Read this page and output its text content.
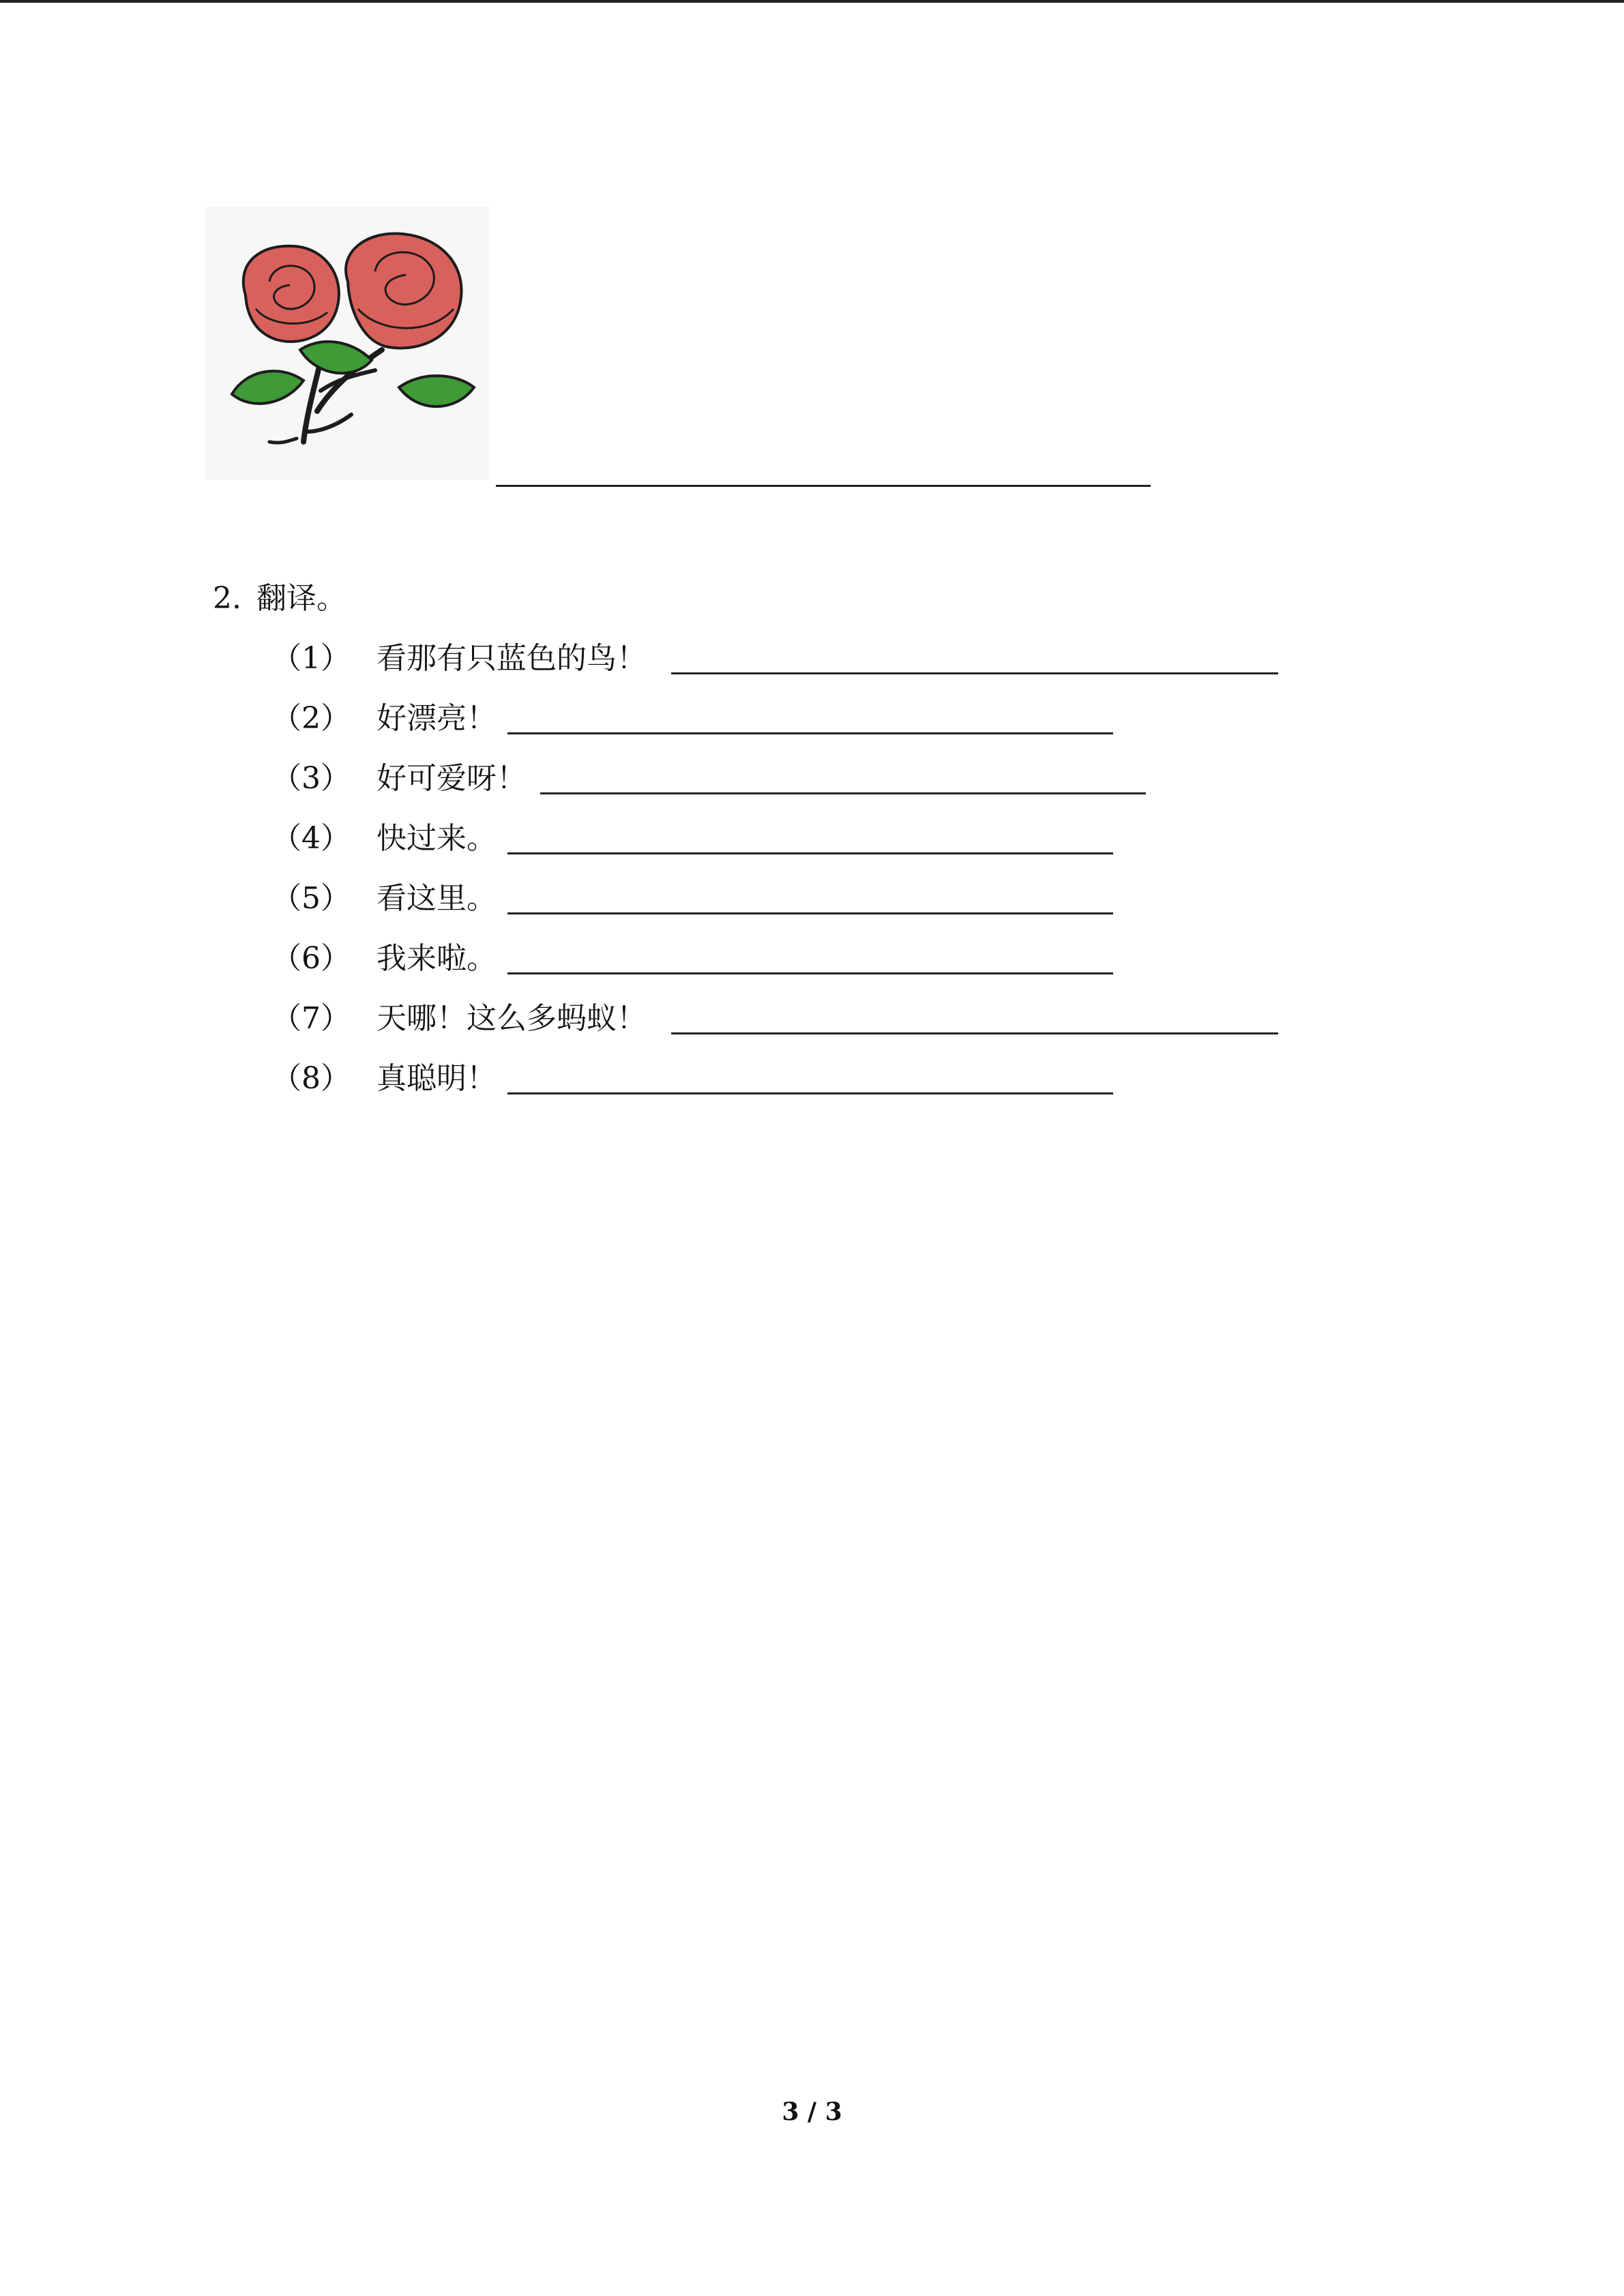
2. 翻译。
（1） 看那有只蓝色的鸟！
（2） 好漂亮！
（3） 好可爱呀！
（4） 快过来。
（5） 看这里。
（6） 我来啦。
（7） 天哪！这么多蚂蚁！
（8） 真聪明！
3 / 3
